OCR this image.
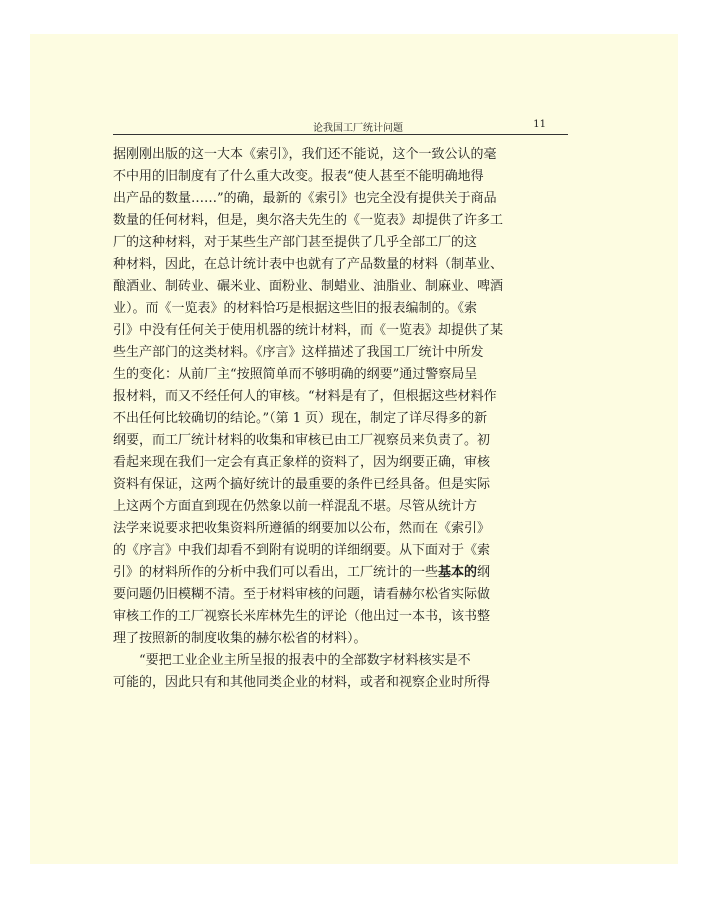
论我国工厂统计问题	11
据刚刚出版的这一大本《索引》，我们还不能说，这个一致公认的毫
不中用的旧制度有了什么重大改变。报表“使人甚至不能明确地得
出产品的数量……”的确，最新的《索引》也完全没有提供关于商品
数量的任何材料，但是，奥尔洛夫先生的《一览表》却提供了许多工
厂的这种材料，对于某些生产部门甚至提供了几乎全部工厂的这
种材料，因此，在总计统计表中也就有了产品数量的材料（制革业、
酿酒业、制砖业、碾米业、面粉业、制蜡业、油脂业、制麻业、啤酒
业）。而《一览表》的材料恰巧是根据这些旧的报表编制的。《索
引》中没有任何关于使用机器的统计材料，而《一览表》却提供了某
些生产部门的这类材料。《序言》这样描述了我国工厂统计中所发
生的变化：从前厂主“按照简单而不够明确的纲要”通过警察局呈
报材料，而又不经任何人的审核。“材料是有了，但根据这些材料作
不出任何比较确切的结论。”（第 1 页）现在，制定了详尽得多的新
纲要，而工厂统计材料的收集和审核已由工厂视察员来负责了。初
看起来现在我们一定会有真正象样的资料了，因为纲要正确，审核
资料有保证，这两个搞好统计的最重要的条件已经具备。但是实际
上这两个方面直到现在仍然象以前一样混乱不堪。尽管从统计方
法学来说要求把收集资料所遵循的纲要加以公布，然而在《索引》
的《序言》中我们却看不到附有说明的详细纲要。从下面对于《索
引》的材料所作的分析中我们可以看出，工厂统计的一些基本的纲
要问题仍旧模糊不清。至于材料审核的问题，请看赫尔松省实际做
审核工作的工厂视察长米库林先生的评论（他出过一本书，该书整
理了按照新的制度收集的赫尔松省的材料）。
“要把工业企业主所呈报的报表中的全部数字材料核实是不
可能的，因此只有和其他同类企业的材料，或者和视察企业时所得
